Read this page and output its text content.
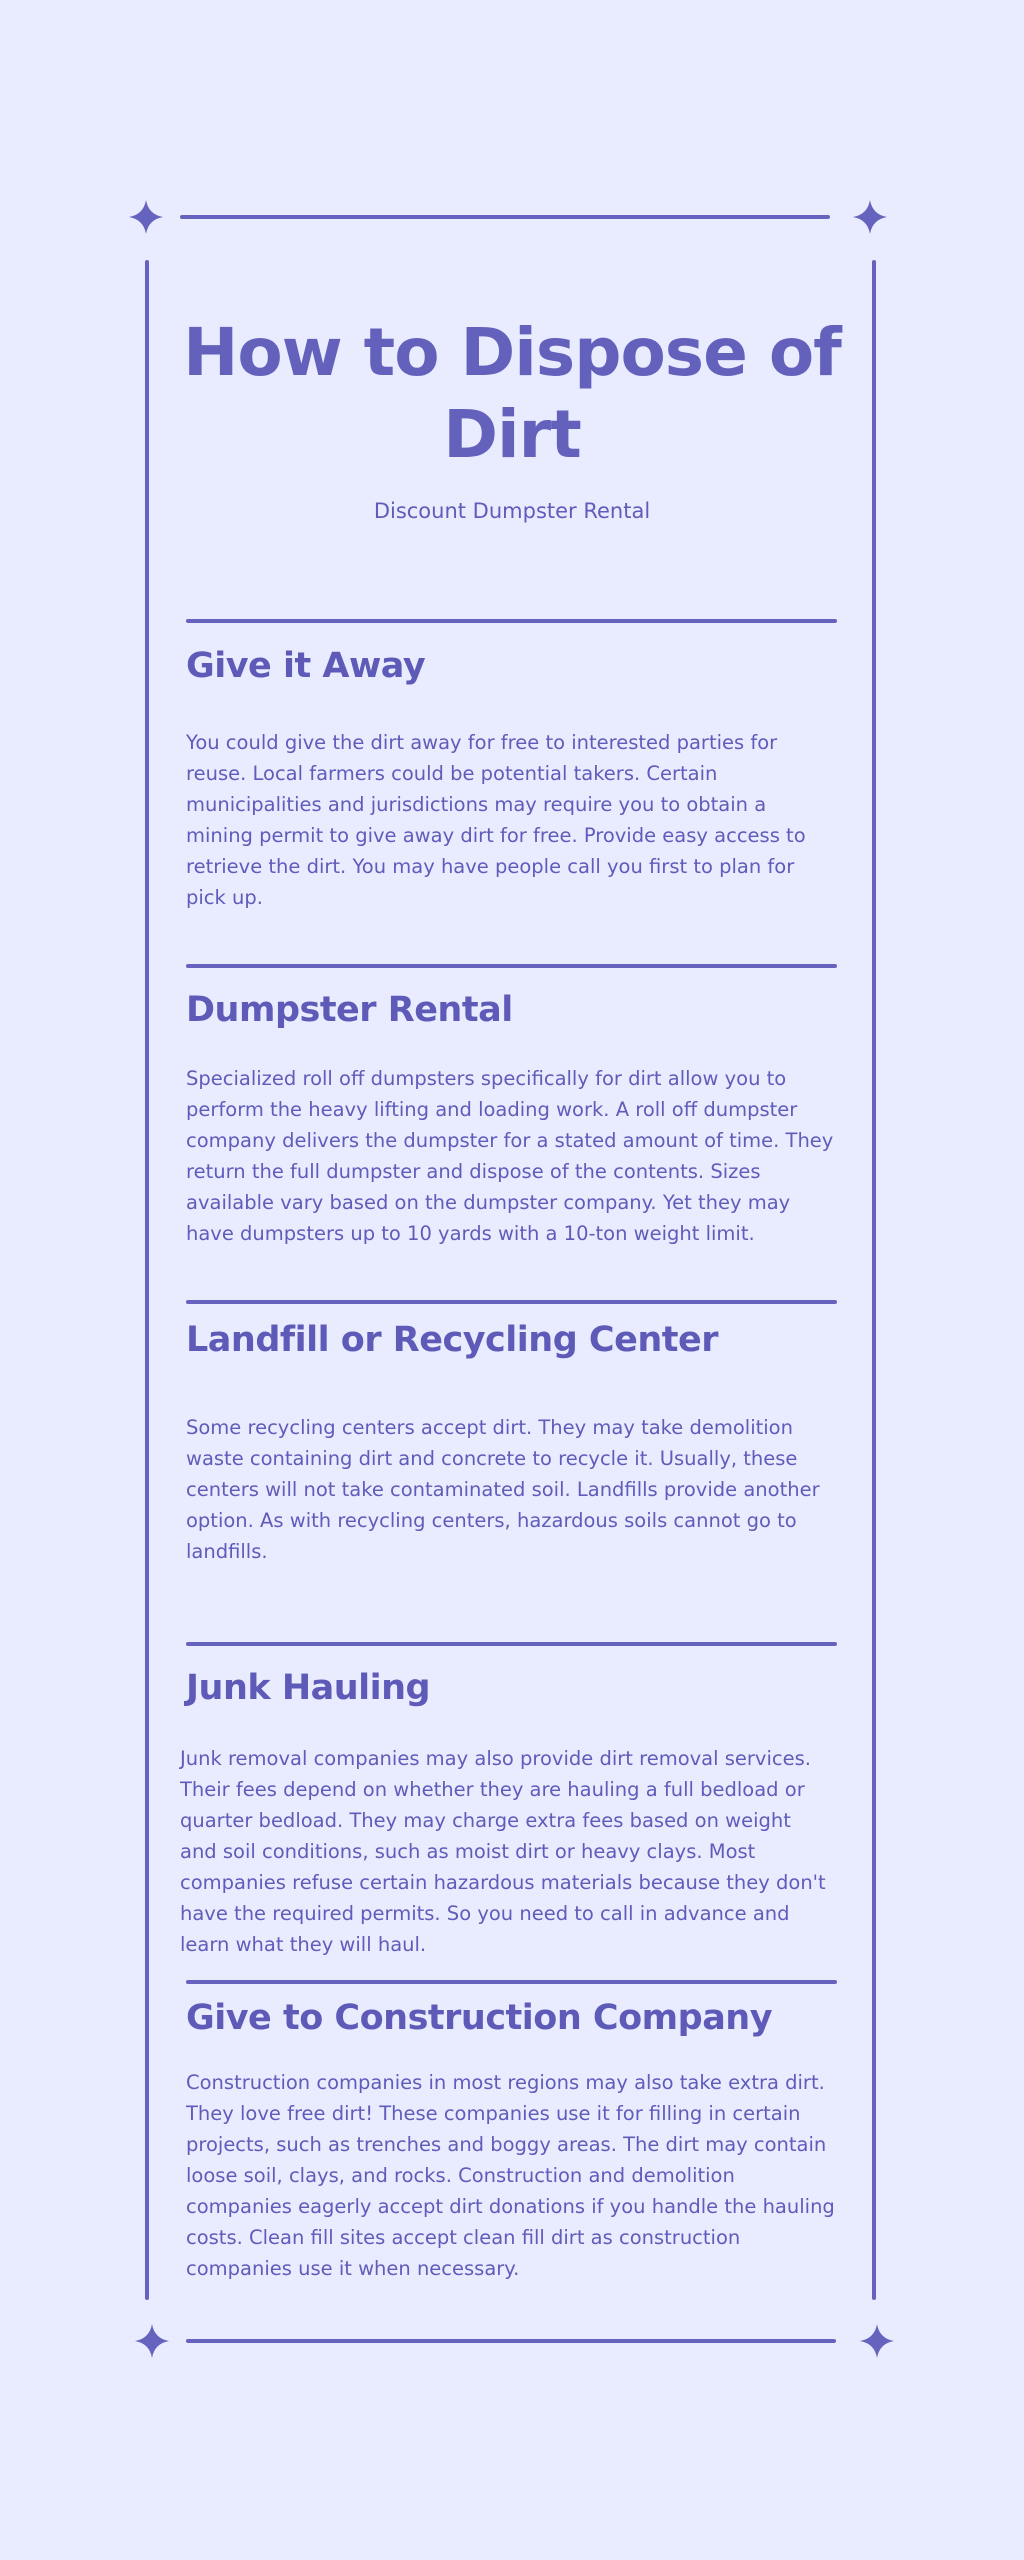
How to Dispose of Dirt
Discount Dumpster Rental
Give it Away

You could give the dirt away for free to interested parties for reuse. Local farmers could be potential takers. Certain municipalities and jurisdictions may require you to obtain a mining permit to give away dirt for free. Provide easy access to retrieve the dirt. You may have people call you first to plan for pick up.

Dumpster Rental

Specialized roll off dumpsters specifically for dirt allow you to perform the heavy lifting and loading work. A roll off dumpster company delivers the dumpster for a stated amount of time. They return the full dumpster and dispose of the contents. Sizes available vary based on the dumpster company. Yet they may have dumpsters up to 10 yards with a 10-ton weight limit.

Landfill or Recycling Center

Some recycling centers accept dirt. They may take demolition waste containing dirt and concrete to recycle it. Usually, these centers will not take contaminated soil. Landfills provide another option. As with recycling centers, hazardous soils cannot go to landfills.

Junk Hauling

Junk removal companies may also provide dirt removal services. Their fees depend on whether they are hauling a full bedload or quarter bedload. They may charge extra fees based on weight and soil conditions, such as moist dirt or heavy clays. Most companies refuse certain hazardous materials because they don't have the required permits. So you need to call in advance and learn what they will haul.

Give to Construction Company

Construction companies in most regions may also take extra dirt. They love free dirt! These companies use it for filling in certain projects, such as trenches and boggy areas. The dirt may contain loose soil, clays, and rocks. Construction and demolition companies eagerly accept dirt donations if you handle the hauling costs. Clean fill sites accept clean fill dirt as construction companies use it when necessary.
